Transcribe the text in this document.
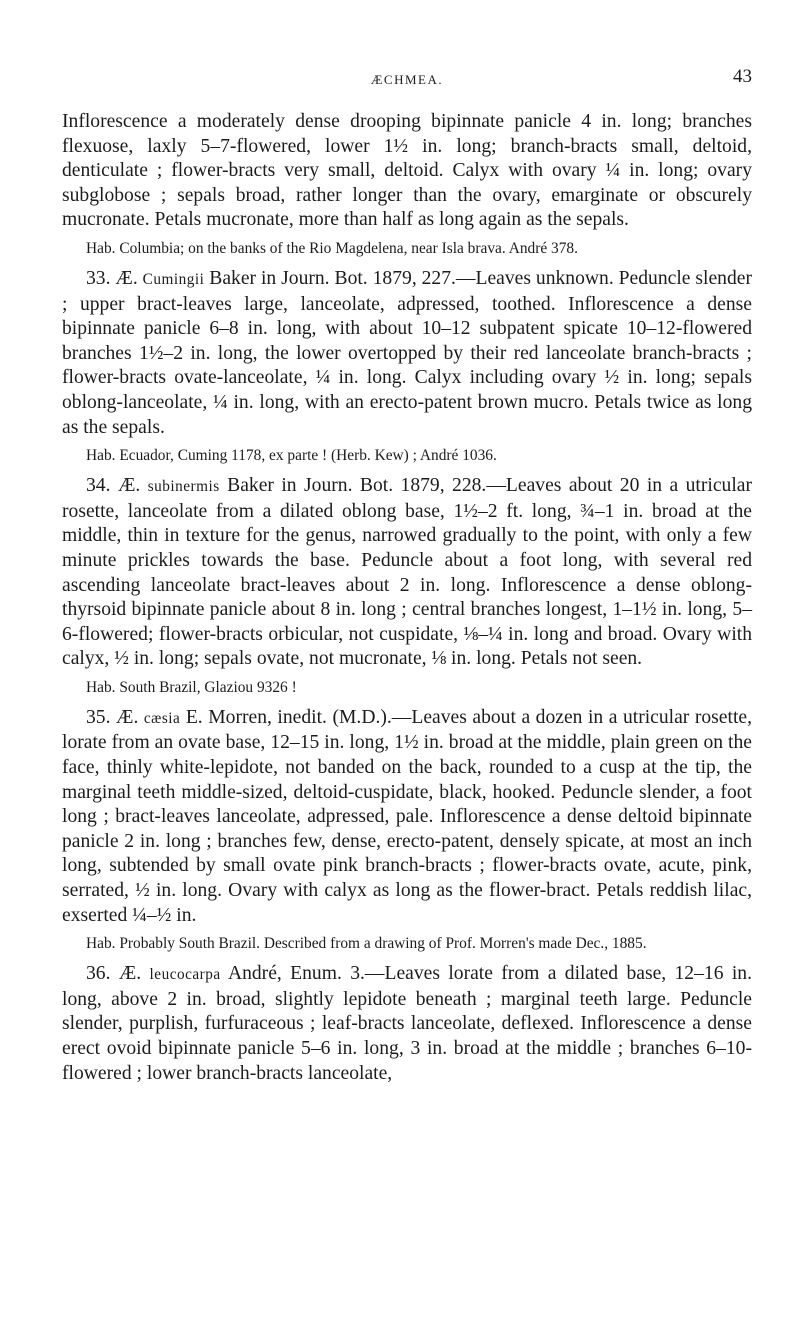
ÆCHMEA.	43

Inflorescence a moderately dense drooping bipinnate panicle 4 in. long; branches flexuose, laxly 5–7-flowered, lower 1½ in. long; branch-bracts small, deltoid, denticulate ; flower-bracts very small, deltoid. Calyx with ovary ¼ in. long; ovary subglobose ; sepals broad, rather longer than the ovary, emarginate or obscurely mucronate. Petals mucronate, more than half as long again as the sepals.

Hab. Columbia; on the banks of the Rio Magdelena, near Isla brava. André 378.

33. Æ. Cumingii Baker in Journ. Bot. 1879, 227.—Leaves unknown. Peduncle slender ; upper bract-leaves large, lanceolate, adpressed, toothed. Inflorescence a dense bipinnate panicle 6–8 in. long, with about 10–12 subpatent spicate 10–12-flowered branches 1½–2 in. long, the lower overtopped by their red lanceolate branch-bracts ; flower-bracts ovate-lanceolate, ¼ in. long. Calyx including ovary ½ in. long; sepals oblong-lanceolate, ¼ in. long, with an erecto-patent brown mucro. Petals twice as long as the sepals.

Hab. Ecuador, Cuming 1178, ex parte ! (Herb. Kew) ; André 1036.

34. Æ. subinermis Baker in Journ. Bot. 1879, 228.—Leaves about 20 in a utricular rosette, lanceolate from a dilated oblong base, 1½–2 ft. long, ¾–1 in. broad at the middle, thin in texture for the genus, narrowed gradually to the point, with only a few minute prickles towards the base. Peduncle about a foot long, with several red ascending lanceolate bract-leaves about 2 in. long. Inflorescence a dense oblong-thyrsoid bipinnate panicle about 8 in. long ; central branches longest, 1–1½ in. long, 5–6-flowered; flower-bracts orbicular, not cuspidate, ⅛–¼ in. long and broad. Ovary with calyx, ½ in. long; sepals ovate, not mucronate, ⅛ in. long. Petals not seen.

Hab. South Brazil, Glaziou 9326 !

35. Æ. cæsia E. Morren, inedit. (M.D.).—Leaves about a dozen in a utricular rosette, lorate from an ovate base, 12–15 in. long, 1½ in. broad at the middle, plain green on the face, thinly white-lepidote, not banded on the back, rounded to a cusp at the tip, the marginal teeth middle-sized, deltoid-cuspidate, black, hooked. Peduncle slender, a foot long ; bract-leaves lanceolate, adpressed, pale. Inflorescence a dense deltoid bipinnate panicle 2 in. long ; branches few, dense, erecto-patent, densely spicate, at most an inch long, subtended by small ovate pink branch-bracts ; flower-bracts ovate, acute, pink, serrated, ½ in. long. Ovary with calyx as long as the flower-bract. Petals reddish lilac, exserted ¼–½ in.

Hab. Probably South Brazil. Described from a drawing of Prof. Morren's made Dec., 1885.

36. Æ. leucocarpa André, Enum. 3.—Leaves lorate from a dilated base, 12–16 in. long, above 2 in. broad, slightly lepidote beneath ; marginal teeth large. Peduncle slender, purplish, furfuraceous ; leaf-bracts lanceolate, deflexed. Inflorescence a dense erect ovoid bipinnate panicle 5–6 in. long, 3 in. broad at the middle ; branches 6–10-flowered ; lower branch-bracts lanceolate,
